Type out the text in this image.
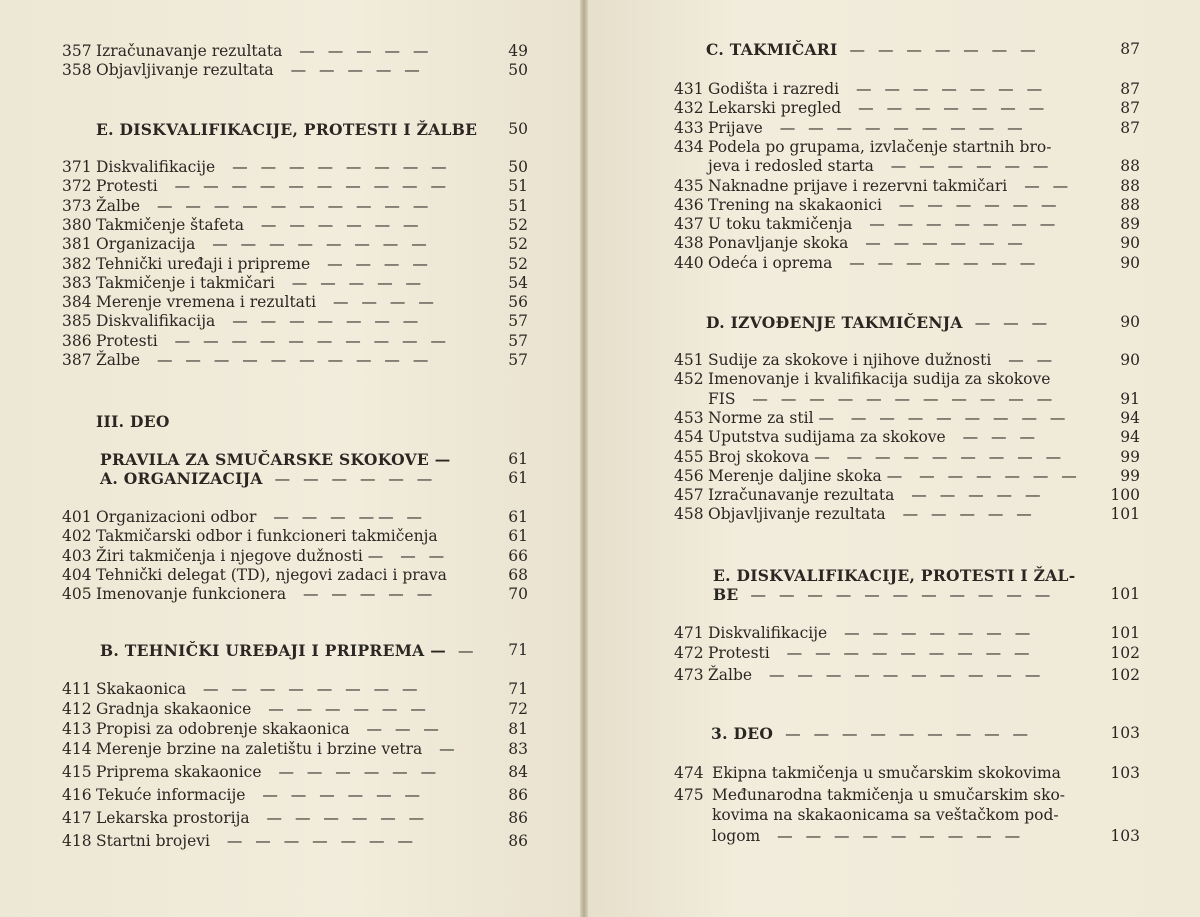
357 Izračunavanje rezultata — — — — —	49
358 Objavljivanje rezultata — — — — —	50
E. DISKVALIFIKACIJE, PROTESTI I ŽALBE	50
371 Diskvalifikacije — — — — — — — —	50
372 Protesti — — — — — — — — — —	51
373 Žalbe — — — — — — — — — —	51
380 Takmičenje štafeta — — — — — —	52
381 Organizacija — — — — — — — —	52
382 Tehnički uređaji i pripreme — — — —	52
383 Takmičenje i takmičari — — — — —	54
384 Merenje vremena i rezultati — — — —	56
385 Diskvalifikacija — — — — — — —	57
386 Protesti — — — — — — — — — —	57
387 Žalbe — — — — — — — — — —	57
III. DEO
PRAVILA ZA SMUČARSKE SKOKOVE —	61
A. ORGANIZACIJA — — — — — —	61
401 Organizacioni odbor — — — —— —	61
402 Takmičarski odbor i funkcioneri takmičenja	61
403 Žiri takmičenja i njegove dužnosti — — —	66
404 Tehnički delegat (TD), njegovi zadaci i prava	68
405 Imenovanje funkcionera — — — — —	70
B. TEHNIČKI UREĐAJI I PRIPREMA — —	71
411 Skakaonica — — — — — — — —	71
412 Gradnja skakaonice — — — — — —	72
413 Propisi za odobrenje skakaonica — — —	81
414 Merenje brzine na zaletištu i brzine vetra —	83
415 Priprema skakaonice — — — — — —	84
416 Tekuće informacije — — — — — —	86
417 Lekarska prostorija — — — — — —	86
418 Startni brojevi — — — — — — —	86
C. TAKMIČARI — — — — — — —	87
431 Godišta i razredi — — — — — — —	87
432 Lekarski pregled — — — — — — —	87
433 Prijave — — — — — — — — —	87
434 Podela po grupama, izvlačenje startnih bro-
jeva i redosled starta — — — — — —	88
435 Naknadne prijave i rezervni takmičari — —	88
436 Trening na skakaonici — — — — — —	88
437 U toku takmičenja — — — — — — —	89
438 Ponavljanje skoka — — — — — —	90
440 Odeća i oprema — — — — — — —	90
D. IZVOĐENJE TAKMIČENJA — — —	90
451 Sudije za skokove i njihove dužnosti — —	90
452 Imenovanje i kvalifikacija sudija za skokove
FIS — — — — — — — — — — —	91
453 Norme za stil — — — — — — — — —	94
454 Uputstva sudijama za skokove — — —	94
455 Broj skokova — — — — — — — — —	99
456 Merenje daljine skoka — — — — — — —	99
457 Izračunavanje rezultata — — — — —	100
458 Objavljivanje rezultata — — — — —	101
E. DISKVALIFIKACIJE, PROTESTI I ŽAL-
BE — — — — — — — — — — —	101
471 Diskvalifikacije — — — — — — —	101
472 Protesti — — — — — — — — —	102
473 Žalbe — — — — — — — — — —	102
3. DEO — — — — — — — — —	103
474 Ekipna takmičenja u smučarskim skokovima	103
475 Međunarodna takmičenja u smučarskim sko-
kovima na skakaonicama sa veštačkom pod-
logom — — — — — — — — —	103
